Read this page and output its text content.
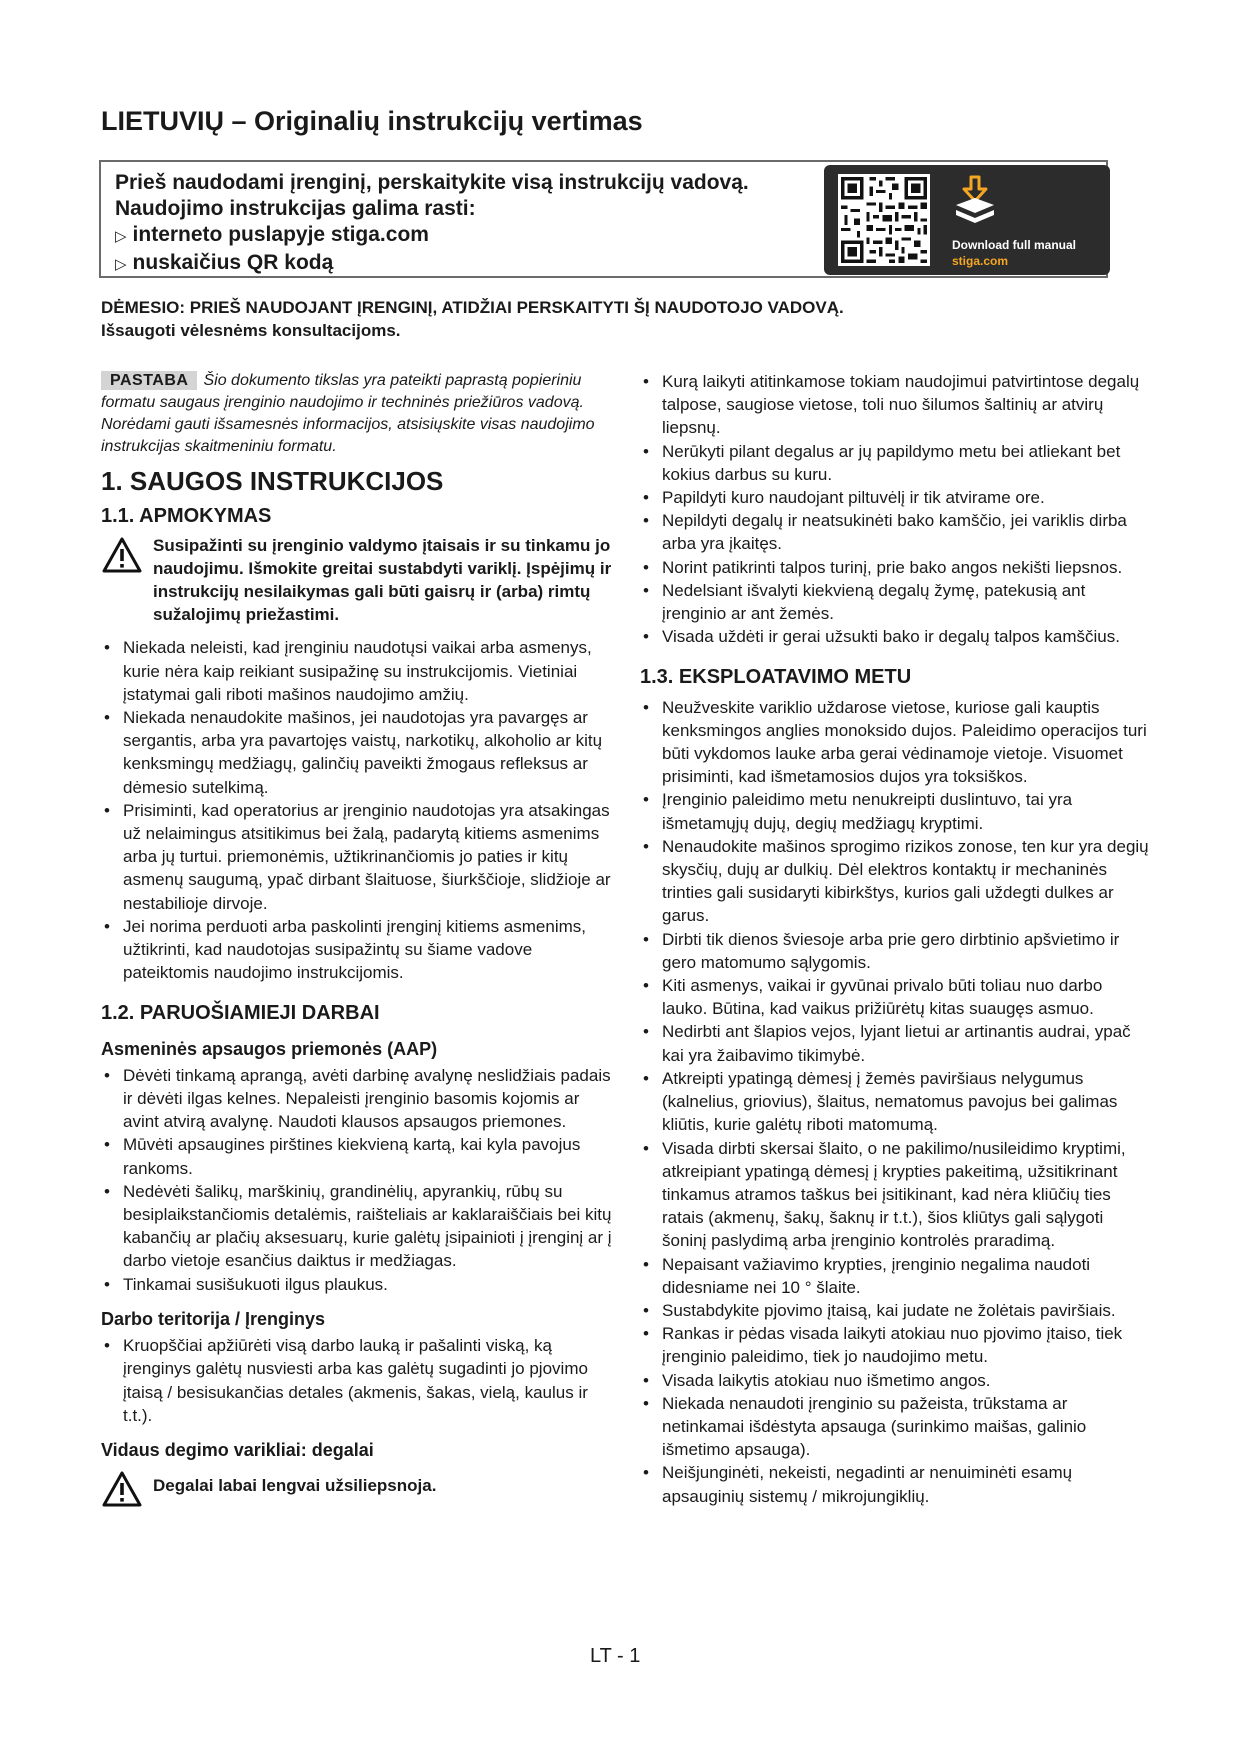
LIETUVIŲ – Originalių instrukcijų vertimas
Prieš naudodami įrenginį, perskaitykite visą instrukcijų vadovą.
Naudojimo instrukcijas galima rasti:
▷ interneto puslapyje stiga.com
▷ nuskaičius QR kodą
Download full manual
stiga.com
DĖMESIO: PRIEŠ NAUDOJANT ĮRENGINĮ, ATIDŽIAI PERSKAITYTI ŠĮ NAUDOTOJO VADOVĄ.
Išsaugoti vėlesnėms konsultacijoms.

PASTABA Šio dokumento tikslas yra pateikti paprastą popieriniu formatu saugaus įrenginio naudojimo ir techninės priežiūros vadovą.

Norėdami gauti išsamesnės informacijos, atsisiųskite visas naudojimo instrukcijas skaitmeniniu formatu.

1. SAUGOS INSTRUKCIJOS
1.1. APMOKYMAS
Susipažinti su įrenginio valdymo įtaisais ir su tinkamu jo naudojimu. Išmokite greitai sustabdyti variklį. Įspėjimų ir instrukcijų nesilaikymas gali būti gaisrų ir (arba) rimtų sužalojimų priežastimi.
• Niekada neleisti, kad įrenginiu naudotųsi vaikai arba asmenys, kurie nėra kaip reikiant susipažinę su instrukcijomis. Vietiniai įstatymai gali riboti mašinos naudojimo amžių.
• Niekada nenaudokite mašinos, jei naudotojas yra pavargęs ar sergantis, arba yra pavartojęs vaistų, narkotikų, alkoholio ar kitų kenksmingų medžiagų, galinčių paveikti žmogaus refleksus ar dėmesio sutelkimą.
• Prisiminti, kad operatorius ar įrenginio naudotojas yra atsakingas už nelaimingus atsitikimus bei žalą, padarytą kitiems asmenims arba jų turtui. priemonėmis, užtikrinančiomis jo paties ir kitų asmenų saugumą, ypač dirbant šlaituose, šiurkščioje, slidžioje ar nestabilioje dirvoje.
• Jei norima perduoti arba paskolinti įrenginį kitiems asmenims, užtikrinti, kad naudotojas susipažintų su šiame vadove pateiktomis naudojimo instrukcijomis.
1.2. PARUOŠIAMIEJI DARBAI
Asmeninės apsaugos priemonės (AAP)
• Dėvėti tinkamą aprangą, avėti darbinę avalynę neslidžiais padais ir dėvėti ilgas kelnes. Nepaleisti įrenginio basomis kojomis ar avint atvirą avalynę. Naudoti klausos apsaugos priemones.
• Mūvėti apsaugines pirštines kiekvieną kartą, kai kyla pavojus rankoms.
• Nedėvėti šalikų, marškinių, grandinėlių, apyrankių, rūbų su besiplaikstančiomis detalėmis, raišteliais ar kaklaraiščiais bei kitų kabančių ar plačių aksesuarų, kurie galėtų įsipainioti į įrenginį ar į darbo vietoje esančius daiktus ir medžiagas.
• Tinkamai susišukuoti ilgus plaukus.
Darbo teritorija / Įrenginys
• Kruopščiai apžiūrėti visą darbo lauką ir pašalinti viską, ką įrenginys galėtų nusviesti arba kas galėtų sugadinti jo pjovimo įtaisą / besisukančias detales (akmenis, šakas, vielą, kaulus ir t.t.).
Vidaus degimo varikliai: degalai
Degalai labai lengvai užsiliepsnoja.
• Kurą laikyti atitinkamose tokiam naudojimui patvirtintose degalų talpose, saugiose vietose, toli nuo šilumos šaltinių ar atvirų liepsnų.
• Nerūkyti pilant degalus ar jų papildymo metu bei atliekant bet kokius darbus su kuru.
• Papildyti kuro naudojant piltuvėlį ir tik atvirame ore.
• Nepildyti degalų ir neatsukinėti bako kamščio, jei variklis dirba arba yra įkaitęs.
• Norint patikrinti talpos turinį, prie bako angos nekišti liepsnos.
• Nedelsiant išvalyti kiekvieną degalų žymę, patekusią ant įrenginio ar ant žemės.
• Visada uždėti ir gerai užsukti bako ir degalų talpos kamščius.
1.3. EKSPLOATAVIMO METU
• Neužveskite variklio uždarose vietose, kuriose gali kauptis kenksmingos anglies monoksido dujos. Paleidimo operacijos turi būti vykdomos lauke arba gerai vėdinamoje vietoje. Visuomet prisiminti, kad išmetamosios dujos yra toksiškos.
• Įrenginio paleidimo metu nenukreipti duslintuvo, tai yra išmetamųjų dujų, degių medžiagų kryptimi.
• Nenaudokite mašinos sprogimo rizikos zonose, ten kur yra degių skysčių, dujų ar dulkių. Dėl elektros kontaktų ir mechaninės trinties gali susidaryti kibirkštys, kurios gali uždegti dulkes ar garus.
• Dirbti tik dienos šviesoje arba prie gero dirbtinio apšvietimo ir gero matomumo sąlygomis.
• Kiti asmenys, vaikai ir gyvūnai privalo būti toliau nuo darbo lauko. Būtina, kad vaikus prižiūrėtų kitas suaugęs asmuo.
• Nedirbti ant šlapios vejos, lyjant lietui ar artinantis audrai, ypač kai yra žaibavimo tikimybė.
• Atkreipti ypatingą dėmesį į žemės paviršiaus nelygumus (kalnelius, griovius), šlaitus, nematomus pavojus bei galimas kliūtis, kurie galėtų riboti matomumą.
• Visada dirbti skersai šlaito, o ne pakilimo/nusileidimo kryptimi, atkreipiant ypatingą dėmesį į krypties pakeitimą, užsitikrinant tinkamus atramos taškus bei įsitikinant, kad nėra kliūčių ties ratais (akmenų, šakų, šaknų ir t.t.), šios kliūtys gali sąlygoti šoninį paslydimą arba įrenginio kontrolės praradimą.
• Nepaisant važiavimo krypties, įrenginio negalima naudoti didesniame nei 10 ° šlaite.
• Sustabdykite pjovimo įtaisą, kai judate ne žolėtais paviršiais.
• Rankas ir pėdas visada laikyti atokiau nuo pjovimo įtaiso, tiek įrenginio paleidimo, tiek jo naudojimo metu.
• Visada laikytis atokiau nuo išmetimo angos.
• Niekada nenaudoti įrenginio su pažeista, trūkstama ar netinkamai išdėstyta apsauga (surinkimo maišas, galinio išmetimo apsauga).
• Neišjunginėti, nekeisti, negadinti ar nenuiminėti esamų apsauginių sistemų / mikrojungiklių.
LT - 1
